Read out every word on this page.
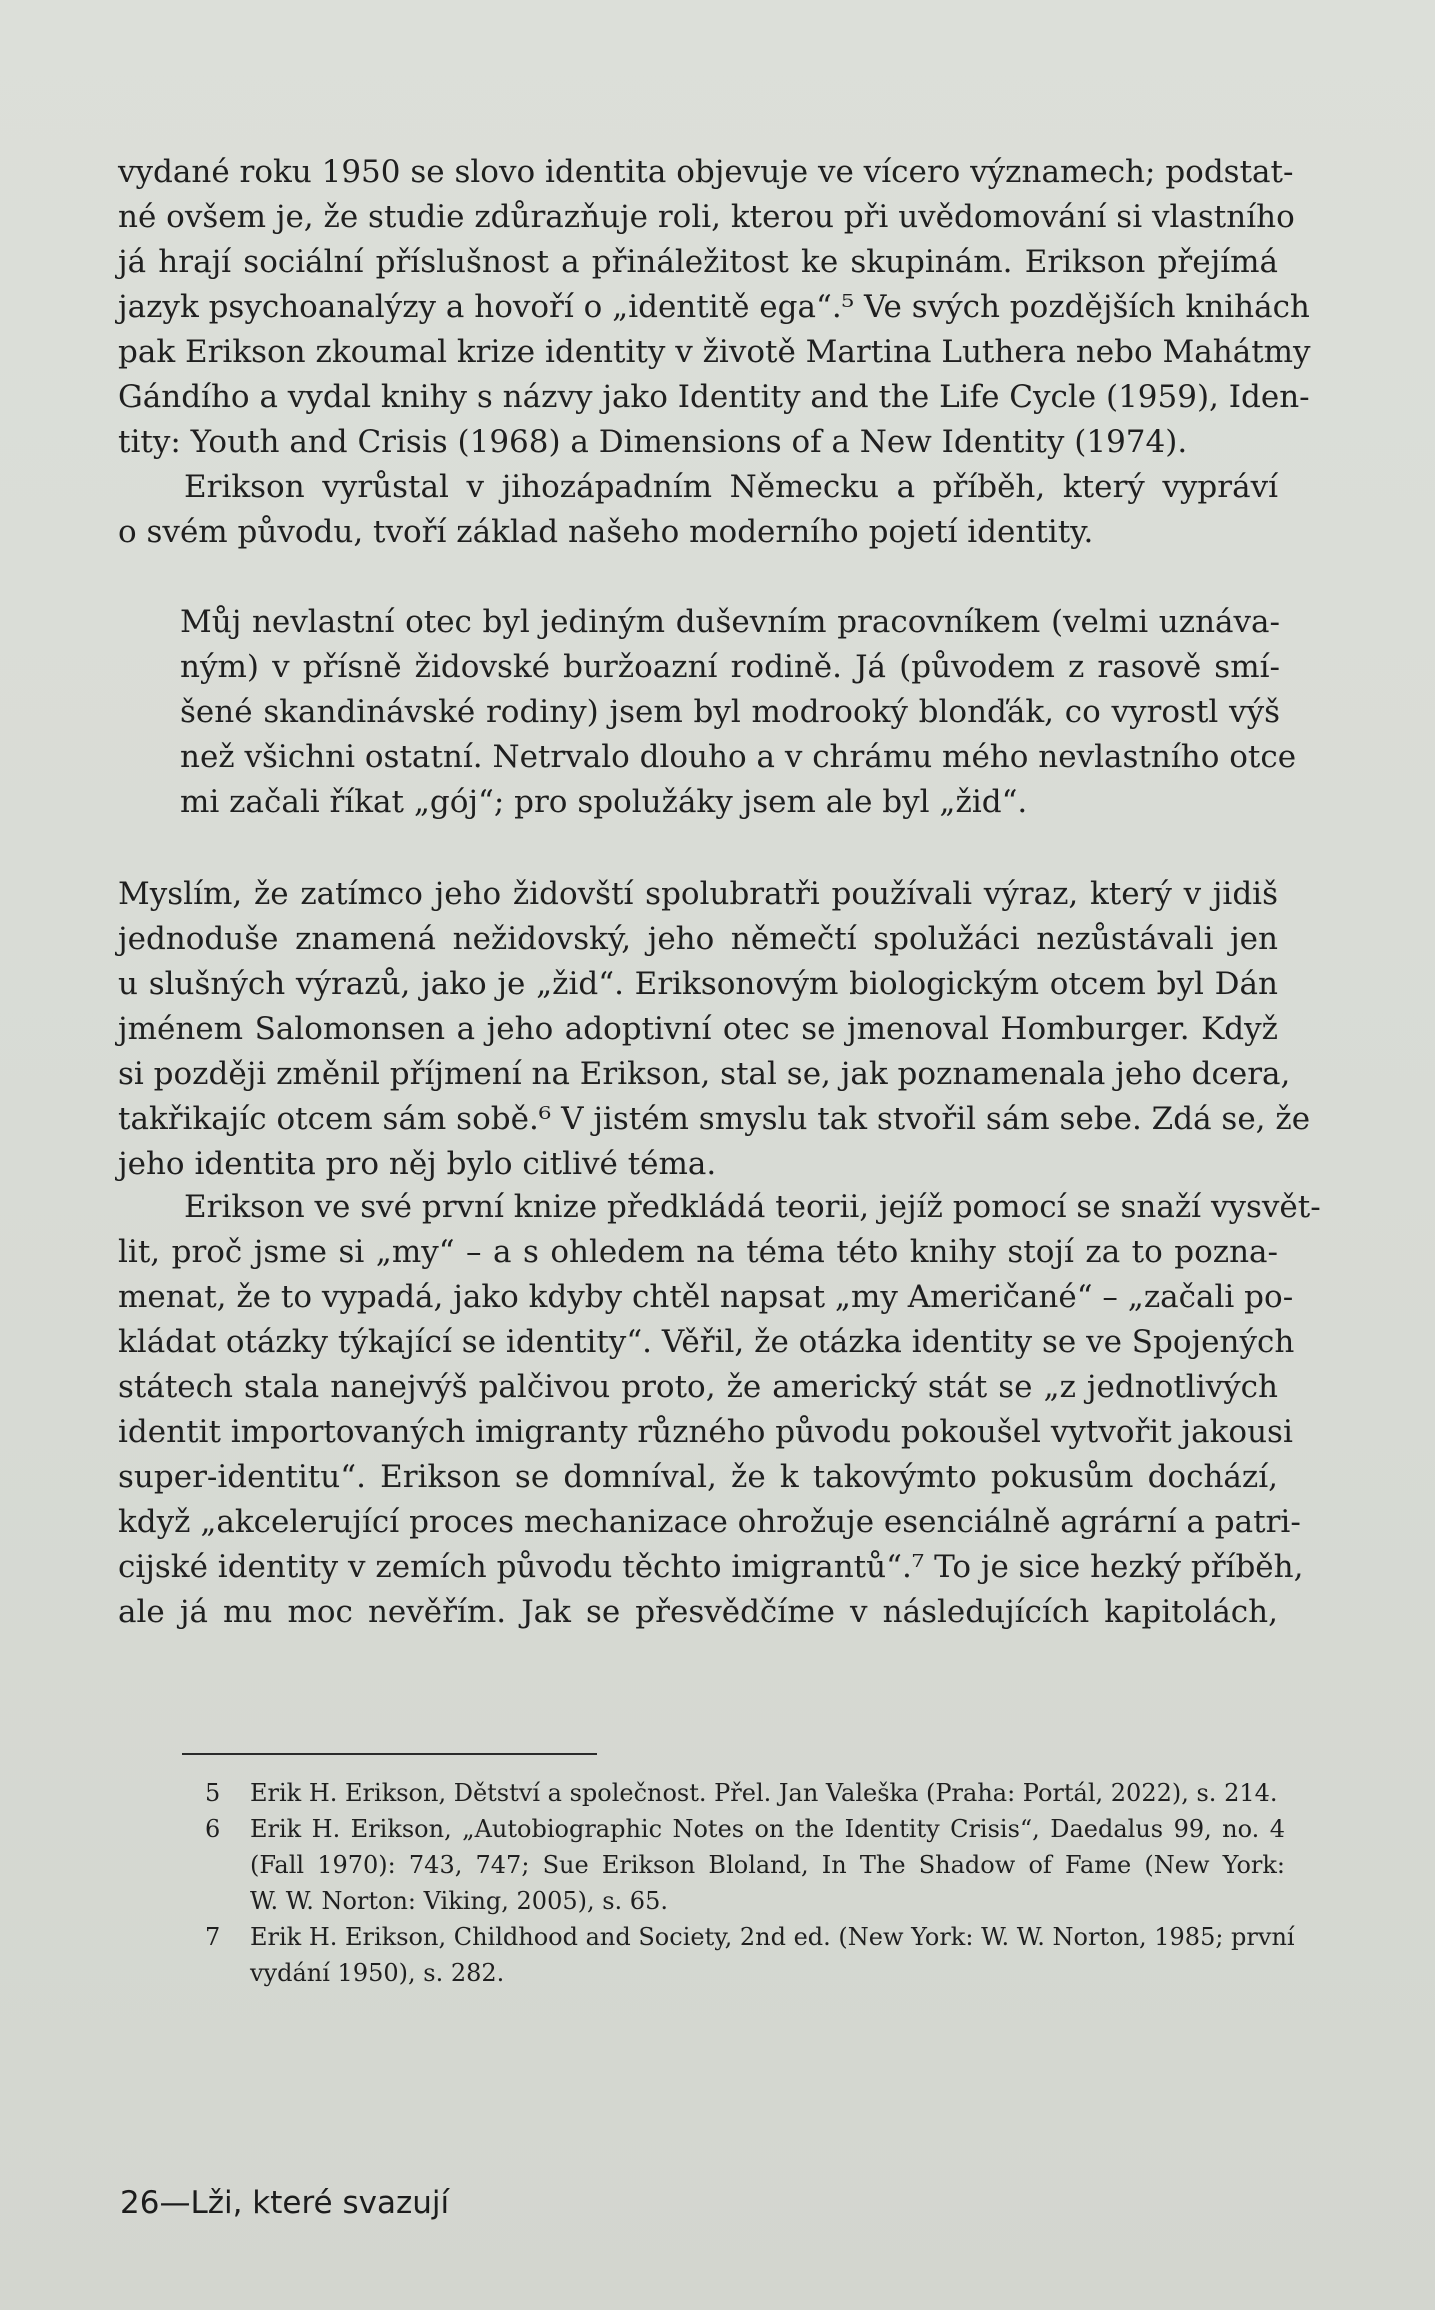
vydané roku 1950 se slovo identita objevuje ve vícero významech; podstat-
né ovšem je, že studie zdůrazňuje roli, kterou při uvědomování si vlastního
já hrají sociální příslušnost a přináležitost ke skupinám. Erikson přejímá
jazyk psychoanalýzy a hovoří o „identitě ega“.⁵ Ve svých pozdějších knihách
pak Erikson zkoumal krize identity v životě Martina Luthera nebo Mahátmy
Gándího a vydal knihy s názvy jako Identity and the Life Cycle (1959), Iden-
tity: Youth and Crisis (1968) a Dimensions of a New Identity (1974).
Erikson vyrůstal v jihozápadním Německu a příběh, který vypráví
o svém původu, tvoří základ našeho moderního pojetí identity.
Můj nevlastní otec byl jediným duševním pracovníkem (velmi uznáva-
ným) v přísně židovské buržoazní rodině. Já (původem z rasově smí-
šené skandinávské rodiny) jsem byl modrooký blonďák, co vyrostl výš
než všichni ostatní. Netrvalo dlouho a v chrámu mého nevlastního otce
mi začali říkat „gój“; pro spolužáky jsem ale byl „žid“.
Myslím, že zatímco jeho židovští spolubratři používali výraz, který v jidiš
jednoduše znamená nežidovský, jeho němečtí spolužáci nezůstávali jen
u slušných výrazů, jako je „žid“. Eriksonovým biologickým otcem byl Dán
jménem Salomonsen a jeho adoptivní otec se jmenoval Homburger. Když
si později změnil příjmení na Erikson, stal se, jak poznamenala jeho dcera,
takřikajíc otcem sám sobě.⁶ V jistém smyslu tak stvořil sám sebe. Zdá se, že
jeho identita pro něj bylo citlivé téma.
Erikson ve své první knize předkládá teorii, jejíž pomocí se snaží vysvět-
lit, proč jsme si „my“ – a s ohledem na téma této knihy stojí za to pozna-
menat, že to vypadá, jako kdyby chtěl napsat „my Američané“ – „začali po-
kládat otázky týkající se identity“. Věřil, že otázka identity se ve Spojených
státech stala nanejvýš palčivou proto, že americký stát se „z jednotlivých
identit importovaných imigranty různého původu pokoušel vytvořit jakousi
super-identitu“. Erikson se domníval, že k takovýmto pokusům dochází,
když „akcelerující proces mechanizace ohrožuje esenciálně agrární a patri-
cijské identity v zemích původu těchto imigrantů“.⁷ To je sice hezký příběh,
ale já mu moc nevěřím. Jak se přesvědčíme v následujících kapitolách,
5	Erik H. Erikson, Dětství a společnost. Přel. Jan Valeška (Praha: Portál, 2022), s. 214.
6	Erik H. Erikson, „Autobiographic Notes on the Identity Crisis“, Daedalus 99, no. 4
(Fall 1970): 743, 747; Sue Erikson Bloland, In The Shadow of Fame (New York:
W. W. Norton: Viking, 2005), s. 65.
7	Erik H. Erikson, Childhood and Society, 2nd ed. (New York: W. W. Norton, 1985; první
vydání 1950), s. 282.
26—Lži, které svazují
